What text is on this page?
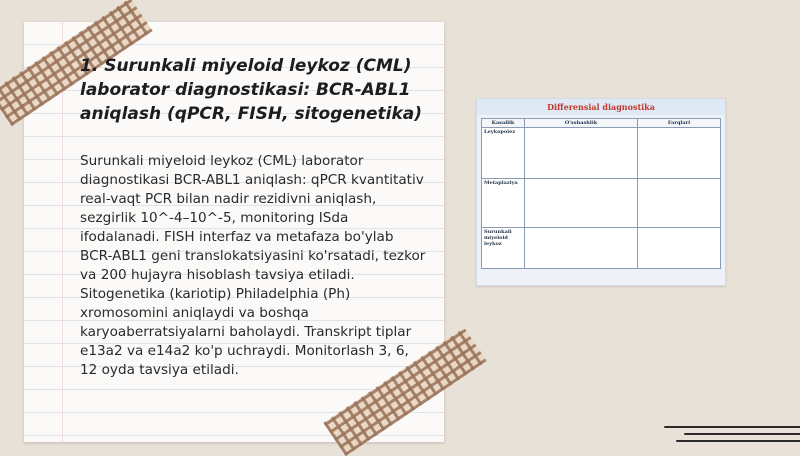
1. Surunkali miyeloid leykoz (CML) laborator diagnostikasi: BCR-ABL1 aniqlash (qPCR, FISH, sitogenetika)

Surunkali miyeloid leykoz (CML) laborator diagnostikasi BCR-ABL1 aniqlash: qPCR kvantitativ real-vaqt PCR bilan nadir rezidivni aniqlash, sezgirlik 10^-4–10^-5, monitoring ISda ifodalanadi. FISH interfaz va metafaza bo'ylab BCR-ABL1 geni translokatsiyasini ko'rsatadi, tezkor va 200 hujayra hisoblash tavsiya etiladi. Sitogenetika (kariotip) Philadelphia (Ph) xromosomini aniqlaydi va boshqa karyoaberratsiyalarni baholaydi. Transkript tiplar e13a2 va e14a2 ko'p uchraydi. Monitorlash 3, 6, 12 oyda tavsiya etiladi.

Differensial diagnostika
Kasallik	O'xshashlik	Farqlari
Leykopoiez		
Metaplaziya		
Surunkali miyeloid leykoz		
